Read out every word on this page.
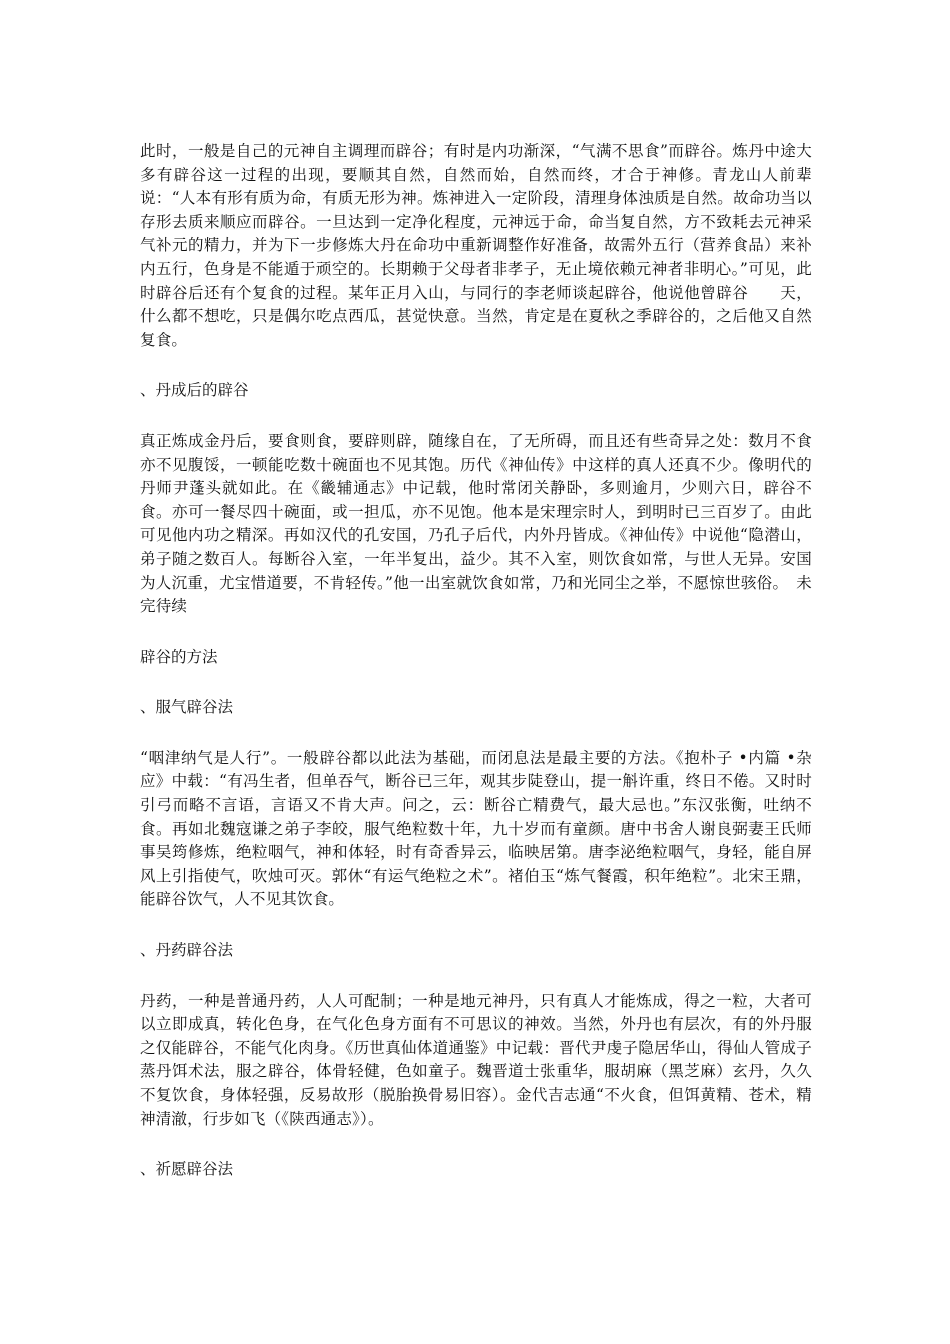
此时，一般是自己的元神自主调理而辟谷；有时是内功渐深，“气满不思食”而辟谷。炼丹中途大多有辟谷这一过程的出现，要顺其自然，自然而始，自然而终，才合于神修。青龙山人前辈说：“人本有形有质为命，有质无形为神。炼神进入一定阶段，清理身体浊质是自然。故命功当以存形去质来顺应而辟谷。一旦达到一定净化程度，元神远于命，命当复自然，方不致耗去元神采气补元的精力，并为下一步修炼大丹在命功中重新调整作好准备，故需外五行（营养食品）来补内五行，色身是不能遁于顽空的。长期赖于父母者非孝子，无止境依赖元神者非明心。”可见，此时辟谷后还有个复食的过程。某年正月入山，与同行的李老师谈起辟谷，他说他曾辟谷　　天，什么都不想吃，只是偶尔吃点西瓜，甚觉快意。当然，肯定是在夏秋之季辟谷的，之后他又自然复食。

、丹成后的辟谷

真正炼成金丹后，要食则食，要辟则辟，随缘自在，了无所碍，而且还有些奇异之处：数月不食亦不见腹馁，一顿能吃数十碗面也不见其饱。历代《神仙传》中这样的真人还真不少。像明代的丹师尹蓬头就如此。在《畿辅通志》中记载，他时常闭关静卧，多则逾月，少则六日，辟谷不食。亦可一餐尽四十碗面，或一担瓜，亦不见饱。他本是宋理宗时人，到明时已三百岁了。由此可见他内功之精深。再如汉代的孔安国，乃孔子后代，内外丹皆成。《神仙传》中说他“隐潜山，弟子随之数百人。每断谷入室，一年半复出，益少。其不入室，则饮食如常，与世人无异。安国为人沉重，尤宝惜道要，不肯轻传。”他一出室就饮食如常，乃和光同尘之举，不愿惊世骇俗。　未完待续

辟谷的方法

、服气辟谷法

“咽津纳气是人行”。一般辟谷都以此法为基础，而闭息法是最主要的方法。《抱朴子 •内篇 •杂应》中载：“有冯生者，但单吞气，断谷已三年，观其步陡登山，提一斛许重，终日不倦。又时时引弓而略不言语，言语又不肯大声。问之，云：断谷亡精费气，最大忌也。”东汉张衡，吐纳不食。再如北魏寇谦之弟子李皎，服气绝粒数十年，九十岁而有童颜。唐中书舍人谢良弼妻王氏师事吴筠修炼，绝粒咽气，神和体轻，时有奇香异云，临映居第。唐李泌绝粒咽气，身轻，能自屏风上引指使气，吹烛可灭。郭休“有运气绝粒之术”。褚伯玉“炼气餐霞，积年绝粒”。北宋王鼎，能辟谷饮气，人不见其饮食。

、丹药辟谷法

丹药，一种是普通丹药，人人可配制；一种是地元神丹，只有真人才能炼成，得之一粒，大者可以立即成真，转化色身，在气化色身方面有不可思议的神效。当然，外丹也有层次，有的外丹服之仅能辟谷，不能气化肉身。《历世真仙体道通鉴》中记载：晋代尹虔子隐居华山，得仙人管成子蒸丹饵术法，服之辟谷，体骨轻健，色如童子。魏晋道士张重华，服胡麻（黑芝麻）玄丹，久久不复饮食，身体轻强，反易故形（脱胎换骨易旧容）。金代吉志通“不火食，但饵黄精、苍术，精神清澈，行步如飞（《陕西通志》）。

、祈愿辟谷法
